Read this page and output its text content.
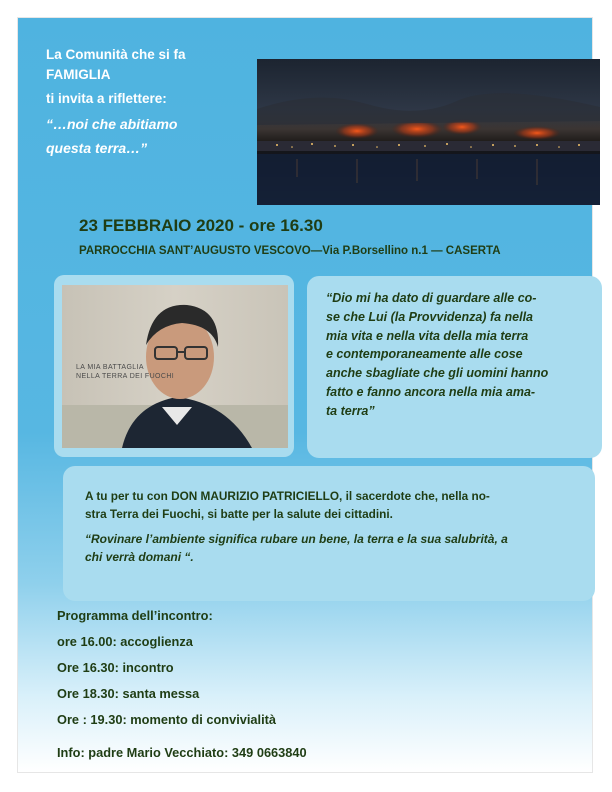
La Comunità che si fa
FAMIGLIA
ti invita a riflettere:
“…noi che abitiamo
questa terra…”
23 FEBBRAIO 2020 - ore 16.30
PARROCCHIA SANT’AUGUSTO VESCOVO—Via P.Borsellino n.1 — CASERTA
LA MIA BATTAGLIA
NELLA TERRA DEI FUOCHI
“Dio mi ha dato di guardare alle co-
se che Lui (la Provvidenza) fa nella
mia vita e nella vita della mia terra
e contemporaneamente alle cose
anche sbagliate che gli uomini hanno
fatto e fanno ancora nella mia ama-
ta terra”
A tu per tu con DON MAURIZIO PATRICIELLO, il sacerdote che, nella no-
stra Terra dei Fuochi, si batte per la salute dei cittadini.
“Rovinare l’ambiente significa rubare un bene, la terra e la sua salubrità, a
chi verrà domani “.
Programma dell’incontro:
ore 16.00: accoglienza
Ore 16.30: incontro
Ore 18.30: santa messa
Ore : 19.30: momento di convivialità
Info: padre Mario Vecchiato: 349 0663840
